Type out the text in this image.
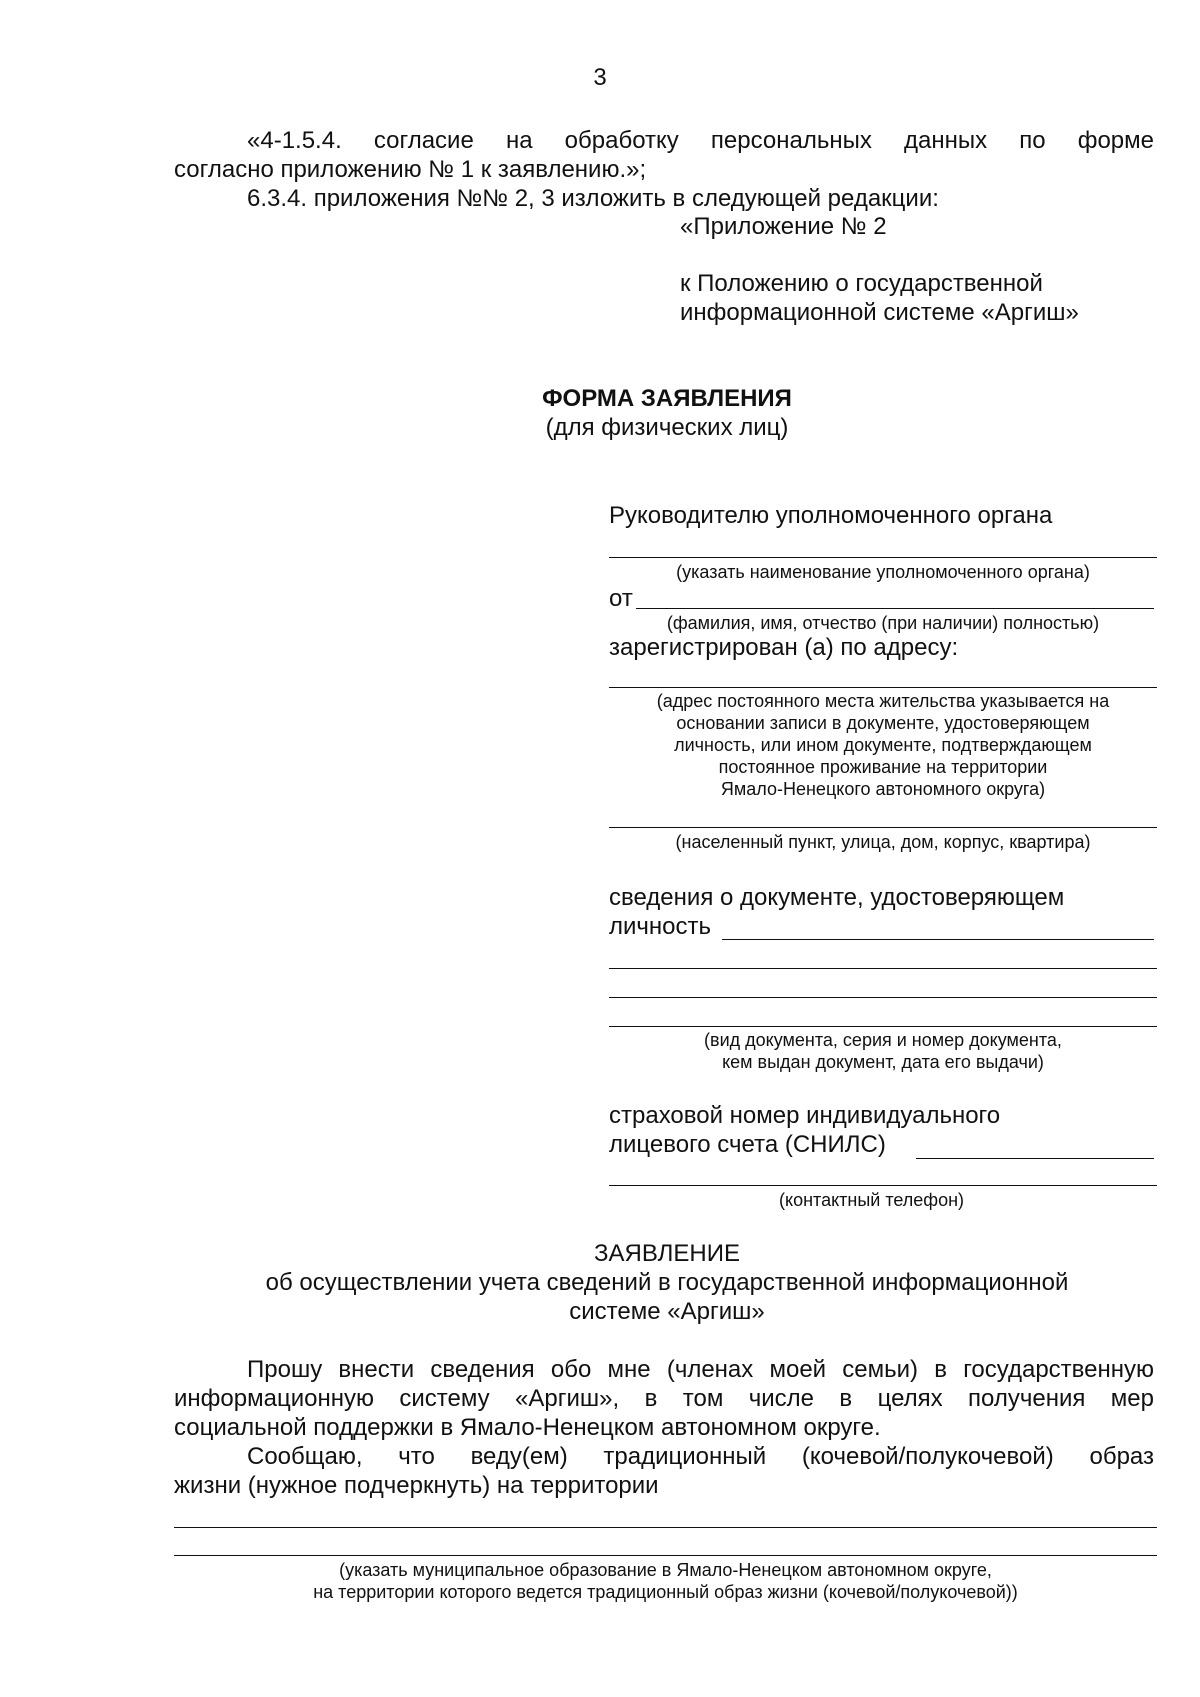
3
«4-1.5.4. согласие на обработку персональных данных по форме
согласно приложению № 1 к заявлению.»;
6.3.4. приложения №№ 2, 3 изложить в следующей редакции:
«Приложение № 2
к Положению о государственной
информационной системе «Аргиш»
ФОРМА ЗАЯВЛЕНИЯ
(для физических лиц)
Руководителю уполномоченного органа
(указать наименование уполномоченного органа)
от
(фамилия, имя, отчество (при наличии) полностью)
зарегистрирован (а) по адресу:
(адрес постоянного места жительства указывается на
основании записи в документе, удостоверяющем
личность, или ином документе, подтверждающем
постоянное проживание на территории
Ямало-Ненецкого автономного округа)
(населенный пункт, улица, дом, корпус, квартира)
сведения о документе, удостоверяющем
личность
(вид документа, серия и номер документа,
кем выдан документ, дата его выдачи)
страховой номер индивидуального
лицевого счета (СНИЛС)
(контактный телефон)
ЗАЯВЛЕНИЕ
об осуществлении учета сведений в государственной информационной
системе «Аргиш»
Прошу внести сведения обо мне (членах моей семьи) в государственную
информационную систему «Аргиш», в том числе в целях получения мер
социальной поддержки в Ямало-Ненецком автономном округе.
Сообщаю, что веду(ем) традиционный (кочевой/полукочевой) образ
жизни (нужное подчеркнуть) на территории
(указать муниципальное образование в Ямало-Ненецком автономном округе,
на территории которого ведется традиционный образ жизни (кочевой/полукочевой))
